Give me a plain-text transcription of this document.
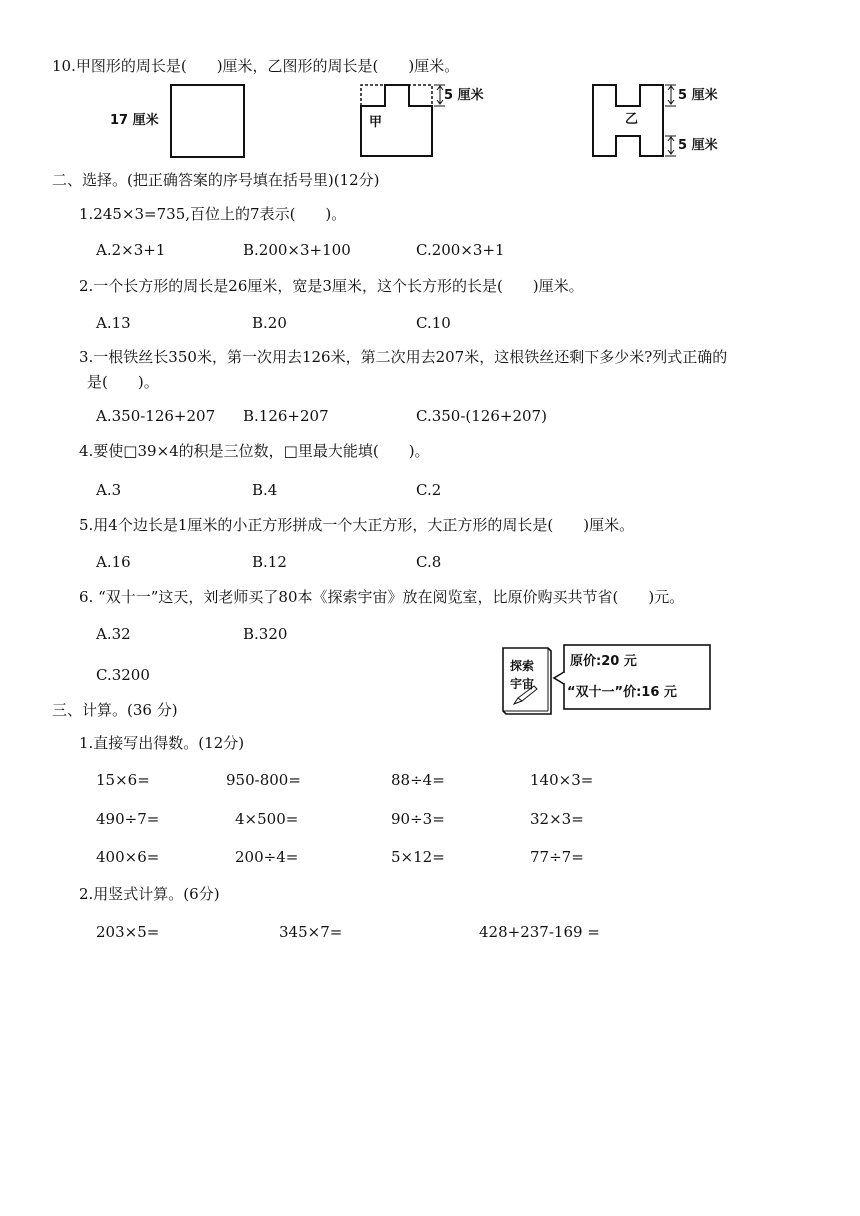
10.甲图形的周长是(　　)厘米，乙图形的周长是(　　)厘米。
17 厘米	甲
5 厘米
乙
5 厘米
5 厘米
二、选择。(把正确答案的序号填在括号里)(12分)
1.245×3=735,百位上的7表示(　　)。
A.2×3+1	B.200×3+100	C.200×3+1
2.一个长方形的周长是26厘米，宽是3厘米，这个长方形的长是(　　)厘米。
A.13	B.20	C.10
3.一根铁丝长350米，第一次用去126米，第二次用去207米，这根铁丝还剩下多少米?列式正确的
是(　　)。
A.350-126+207 B.126+207	C.350-(126+207)
4.要使□39×4的积是三位数，□里最大能填(　　)。
A.3	B.4	C.2
5.用4个边长是1厘米的小正方形拼成一个大正方形，大正方形的周长是(　　)厘米。
A.16	B.12	C.8
6. “双十一”这天，刘老师买了80本《探索宇宙》放在阅览室，比原价购买共节省(　　)元。
A.32	B.320
C.3200	探索
宇宙
原价:20 元
“双十一”价:16 元
三、计算。(36 分)
1.直接写出得数。(12分)
15×6=	950-800=	88÷4=	140×3=
490÷7=	4×500=	90÷3=	32×3=
400×6=	200÷4=	5×12=	77÷7=
2.用竖式计算。(6分)
203×5=	345×7=	428+237-169 =
